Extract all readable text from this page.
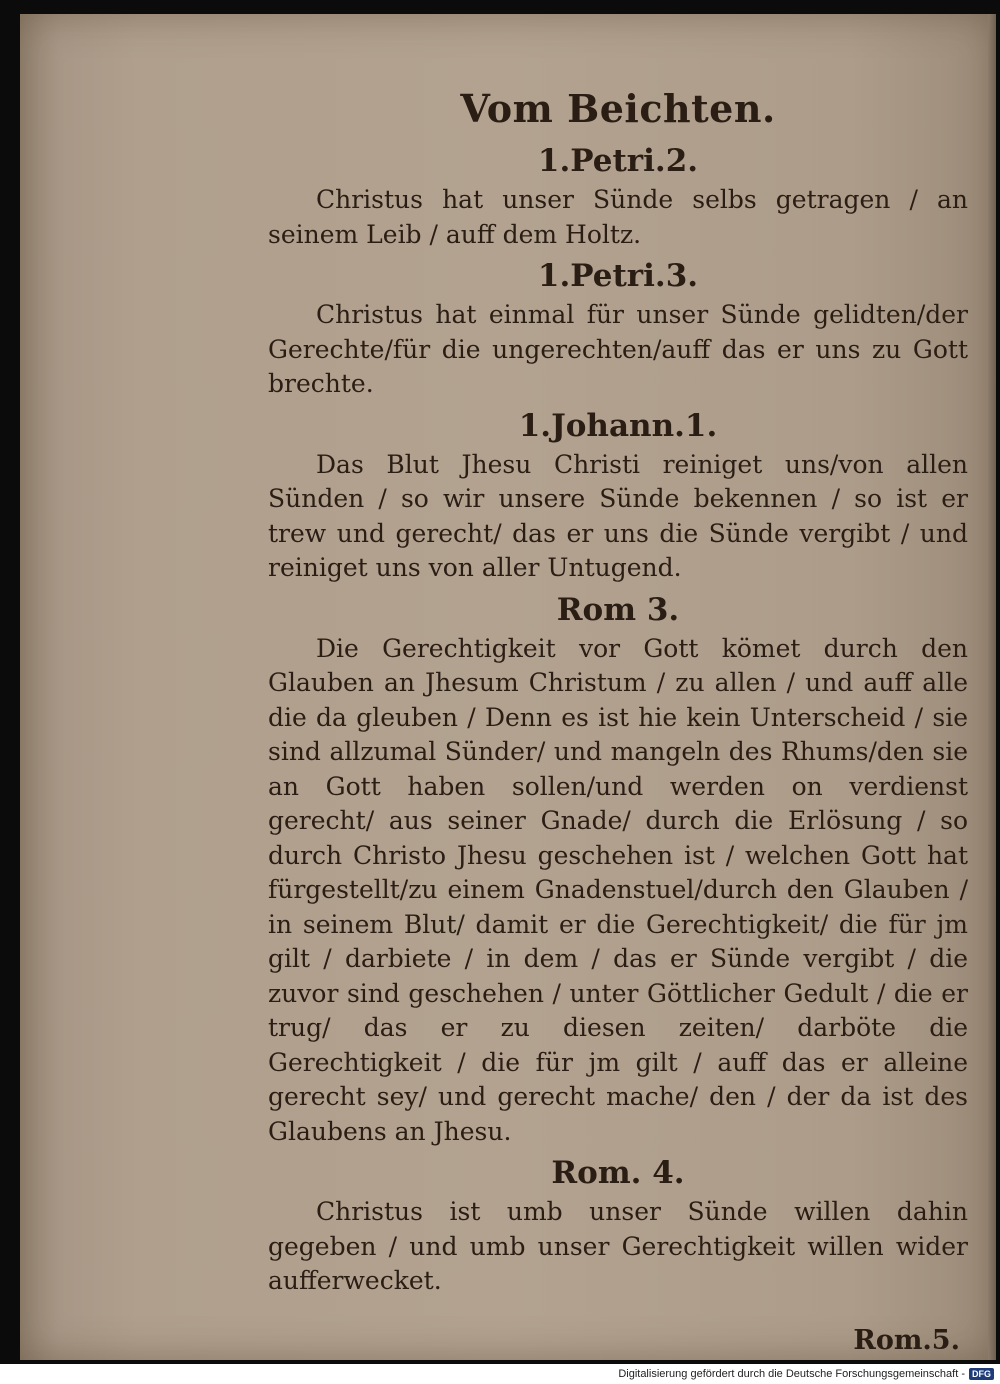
Vom Beichten.
1.Petri.2.

Christus hat unser Sünde selbs getragen / an seinem Leib / auff dem Holtz.

1.Petri.3.

Christus hat einmal für unser Sünde gelidten/der Gerechte/für die ungerechten/auff das er uns zu Gott brechte.

1.Johann.1.

Das Blut Jhesu Christi reiniget uns/von allen Sünden / so wir unsere Sünde bekennen / so ist er trew und gerecht/ das er uns die Sünde vergibt / und reiniget uns von aller Untugend.

Rom 3.

Die Gerechtigkeit vor Gott kömet durch den Glauben an Jhesum Christum / zu allen / und auff alle die da gleuben / Denn es ist hie kein Unterscheid / sie sind allzumal Sünder/ und mangeln des Rhums/den sie an Gott haben sollen/und werden on verdienst gerecht/ aus seiner Gnade/ durch die Erlösung / so durch Christo Jhesu geschehen ist / welchen Gott hat fürgestellt/zu einem Gnadenstuel/durch den Glauben / in seinem Blut/ damit er die Gerechtigkeit/ die für jm gilt / darbiete / in dem / das er Sünde vergibt / die zuvor sind geschehen / unter Göttlicher Gedult / die er trug/ das er zu diesen zeiten/ darböte die Gerechtigkeit / die für jm gilt / auff das er alleine gerecht sey/ und gerecht mache/ den / der da ist des Glaubens an Jhesu.

Rom. 4.

Christus ist umb unser Sünde willen dahin gegeben / und umb unser Gerechtigkeit willen wider aufferwecket.

Rom.5.
Digitalisierung gefördert durch die Deutsche Forschungsgemeinschaft - DFG
